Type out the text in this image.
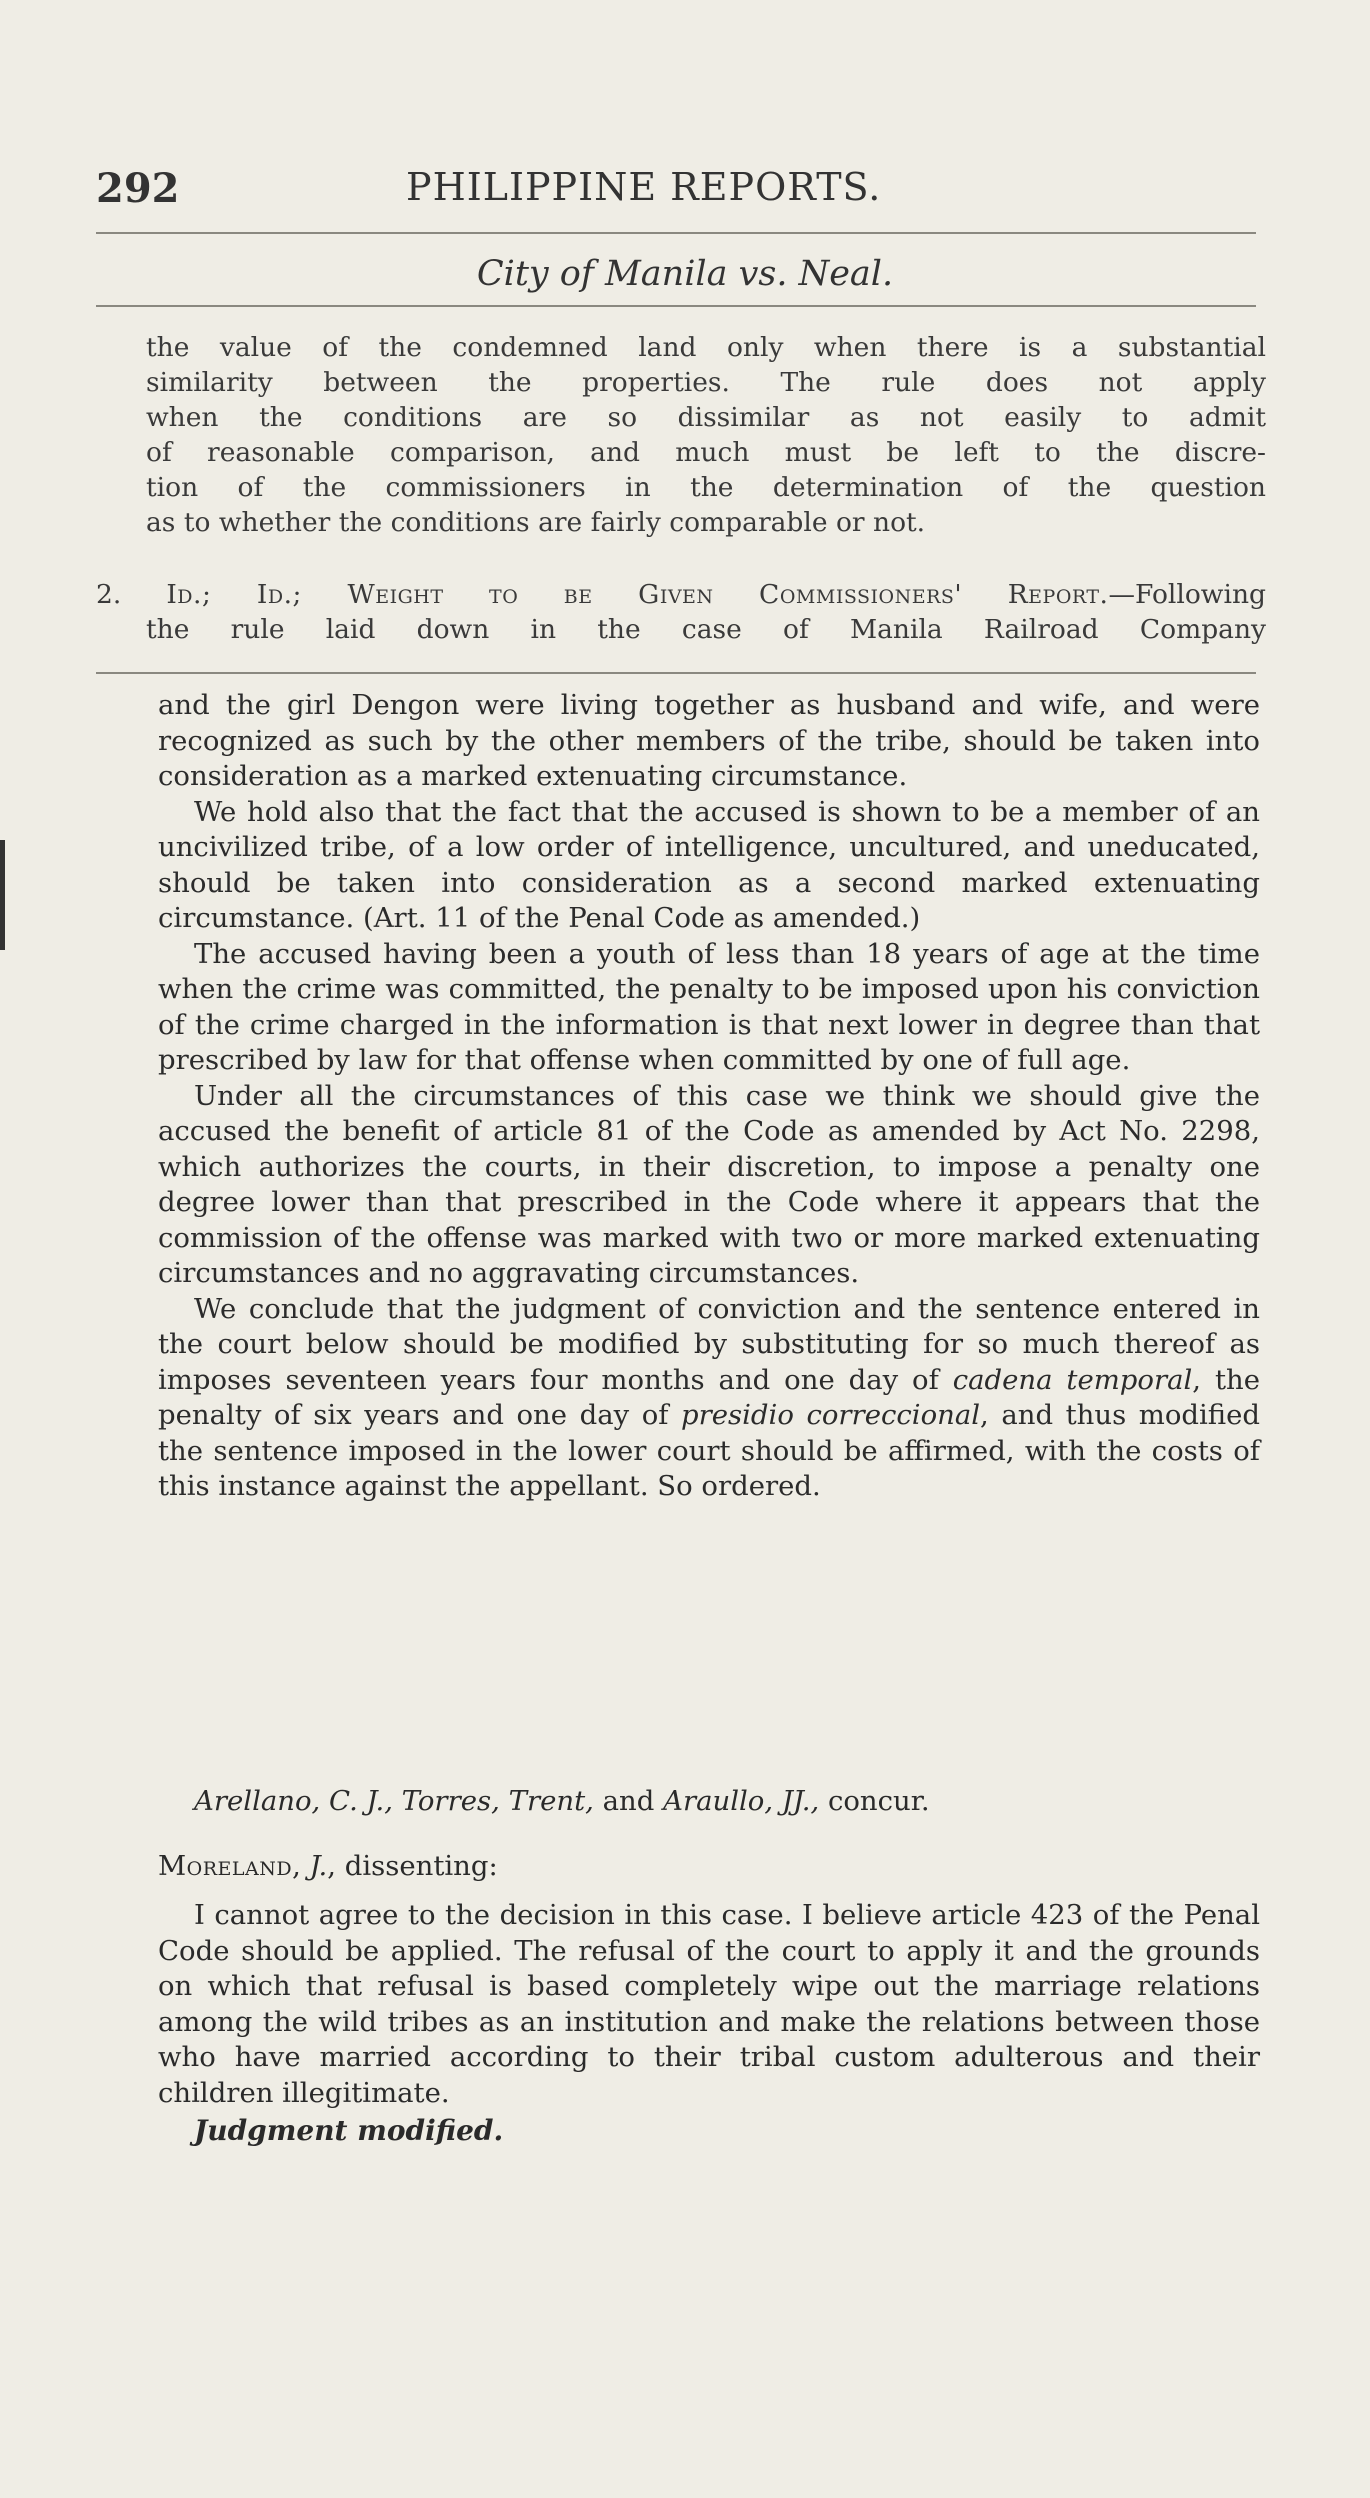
292	PHILIPPINE REPORTS.
City of Manila vs. Neal.

the value of the condemned land only when there is a substantial

similarity between the properties. The rule does not apply

when the conditions are so dissimilar as not easily to admit

of reasonable comparison, and much must be left to the discre-

tion of the commissioners in the determination of the question

as to whether the conditions are fairly comparable or not.

2. Id.; Id.; Weight to be Given Commissioners' Report.—Following
the rule laid down in the case of Manila Railroad Company

and the girl Dengon were living together as husband and wife, and were recognized as such by the other members of the tribe, should be taken into consideration as a marked extenuating circumstance.

We hold also that the fact that the accused is shown to be a member of an uncivilized tribe, of a low order of intelligence, uncultured, and uneducated, should be taken into consideration as a second marked extenuating circumstance. (Art. 11 of the Penal Code as amended.)

The accused having been a youth of less than 18 years of age at the time when the crime was committed, the penalty to be imposed upon his conviction of the crime charged in the information is that next lower in degree than that prescribed by law for that offense when committed by one of full age.

Under all the circumstances of this case we think we should give the accused the benefit of article 81 of the Code as amended by Act No. 2298, which authorizes the courts, in their discretion, to impose a penalty one degree lower than that prescribed in the Code where it appears that the commission of the offense was marked with two or more marked extenuating circumstances and no aggravating circumstances.

We conclude that the judgment of conviction and the sentence entered in the court below should be modified by substituting for so much thereof as imposes seventeen years four months and one day of cadena temporal, the penalty of six years and one day of presidio correccional, and thus modified the sentence imposed in the lower court should be affirmed, with the costs of this instance against the appellant. So ordered.

Arellano, C. J., Torres, Trent, and Araullo, JJ., concur.
Moreland, J., dissenting:

I cannot agree to the decision in this case. I believe article 423 of the Penal Code should be applied. The refusal of the court to apply it and the grounds on which that refusal is based completely wipe out the marriage relations among the wild tribes as an institution and make the relations between those who have married according to their tribal custom adulterous and their children illegitimate.

Judgment modified.
